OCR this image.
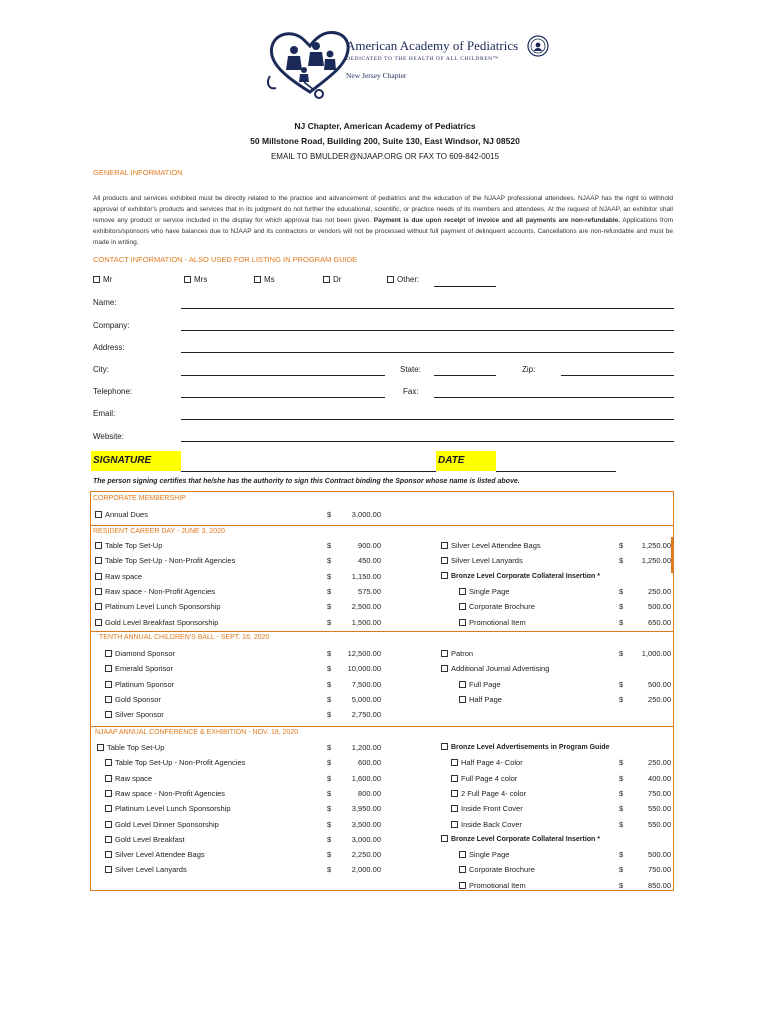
American Academy of Pediatrics
DEDICATED TO THE HEALTH OF ALL CHILDREN™
New Jersey Chapter
NJ Chapter, American Academy of Pediatrics
50 Millstone Road, Building 200, Suite 130, East Windsor, NJ 08520
EMAIL TO BMULDER@NJAAP.ORG OR FAX TO 609-842-0015
GENERAL INFORMATION
All products and services exhibited must be directly related to the practice and advancement of pediatrics and the education of the NJAAP professional attendees. NJAAP has the right to withhold approval of exhibitor's products and services that in its judgment do not further the educational, scientific, or practice needs of its members and attendees. At the request of NJAAP, an exhibitor shall remove any product or service included in the display for which approval has not been given. Payment is due upon receipt of invoice and all payments are non-refundable. Applications from exhibitors/sponsors who have balances due to NJAAP and its contractors or vendors will not be processed without full payment of delinquent accounts. Cancellations are non-refundable and must be made in writing.
CONTACT INFORMATION - ALSO USED FOR LISTING IN PROGRAM GUIDE
Mr	Mrs	Ms	Dr	Other:
Name:
Company:
Address:
City:	State:	Zip:
Telephone:	Fax:
Email:
Website:
SIGNATURE	DATE
The person signing certifies that he/she has the authority to sign this Contract binding the Sponsor whose name is listed above.
CORPORATE MEMBERSHIP
Annual Dues	$	3,000.00
RESIDENT CAREER DAY - JUNE 3, 2020
Table Top Set-Up	$	900.00
Table Top Set-Up - Non-Profit Agencies	$	450.00
Raw space	$	1,150.00
Raw space - Non-Profit Agencies	$	575.00
Platinum Level Lunch Sponsorship	$	2,500.00
Gold Level Breakfast Sponsorship	$	1,500.00
Silver Level Attendee Bags	$	1,250.00
Silver Level Lanyards	$	1,250.00
Bronze Level Corporate Collateral Insertion *
Single Page	$	250.00
Corporate Brochure	$	500.00
Promotional Item	$	650.00
TENTH ANNUAL CHILDREN'S BALL - SEPT. 16, 2020
Diamond Sponsor	$	12,500.00
Emerald Sponsor	$	10,000.00
Platinum Sponsor	$	7,500.00
Gold Sponsor	$	5,000.00
Silver Sponsor	$	2,750.00
Patron	$	1,000.00
Additional Journal Advertising
Full Page	$	500.00
Half Page	$	250.00
NJAAP ANNUAL CONFERENCE & EXHIBITION - NOV. 18, 2020
Table Top Set-Up	$	1,200.00
Table Top Set-Up - Non-Profit Agencies	$	600.00
Raw space	$	1,600.00
Raw space - Non-Profit Agencies	$	800.00
Platinum Level Lunch Sponsorship	$	3,950.00
Gold Level Dinner Sponsorship	$	3,500.00
Gold Level Breakfast	$	3,000.00
Silver Level Attendee Bags	$	2,250.00
Silver Level Lanyards	$	2,000.00
Bronze Level Advertisements in Program Guide
Half Page 4- Color	$	250.00
Full Page 4 color	$	400.00
2 Full Page 4- color	$	750.00
Inside Front Cover	$	550.00
Inside Back Cover	$	550.00
Bronze Level Corporate Collateral Insertion *
Single Page	$	500.00
Corporate Brochure	$	750.00
Promotional Item	$	850.00
